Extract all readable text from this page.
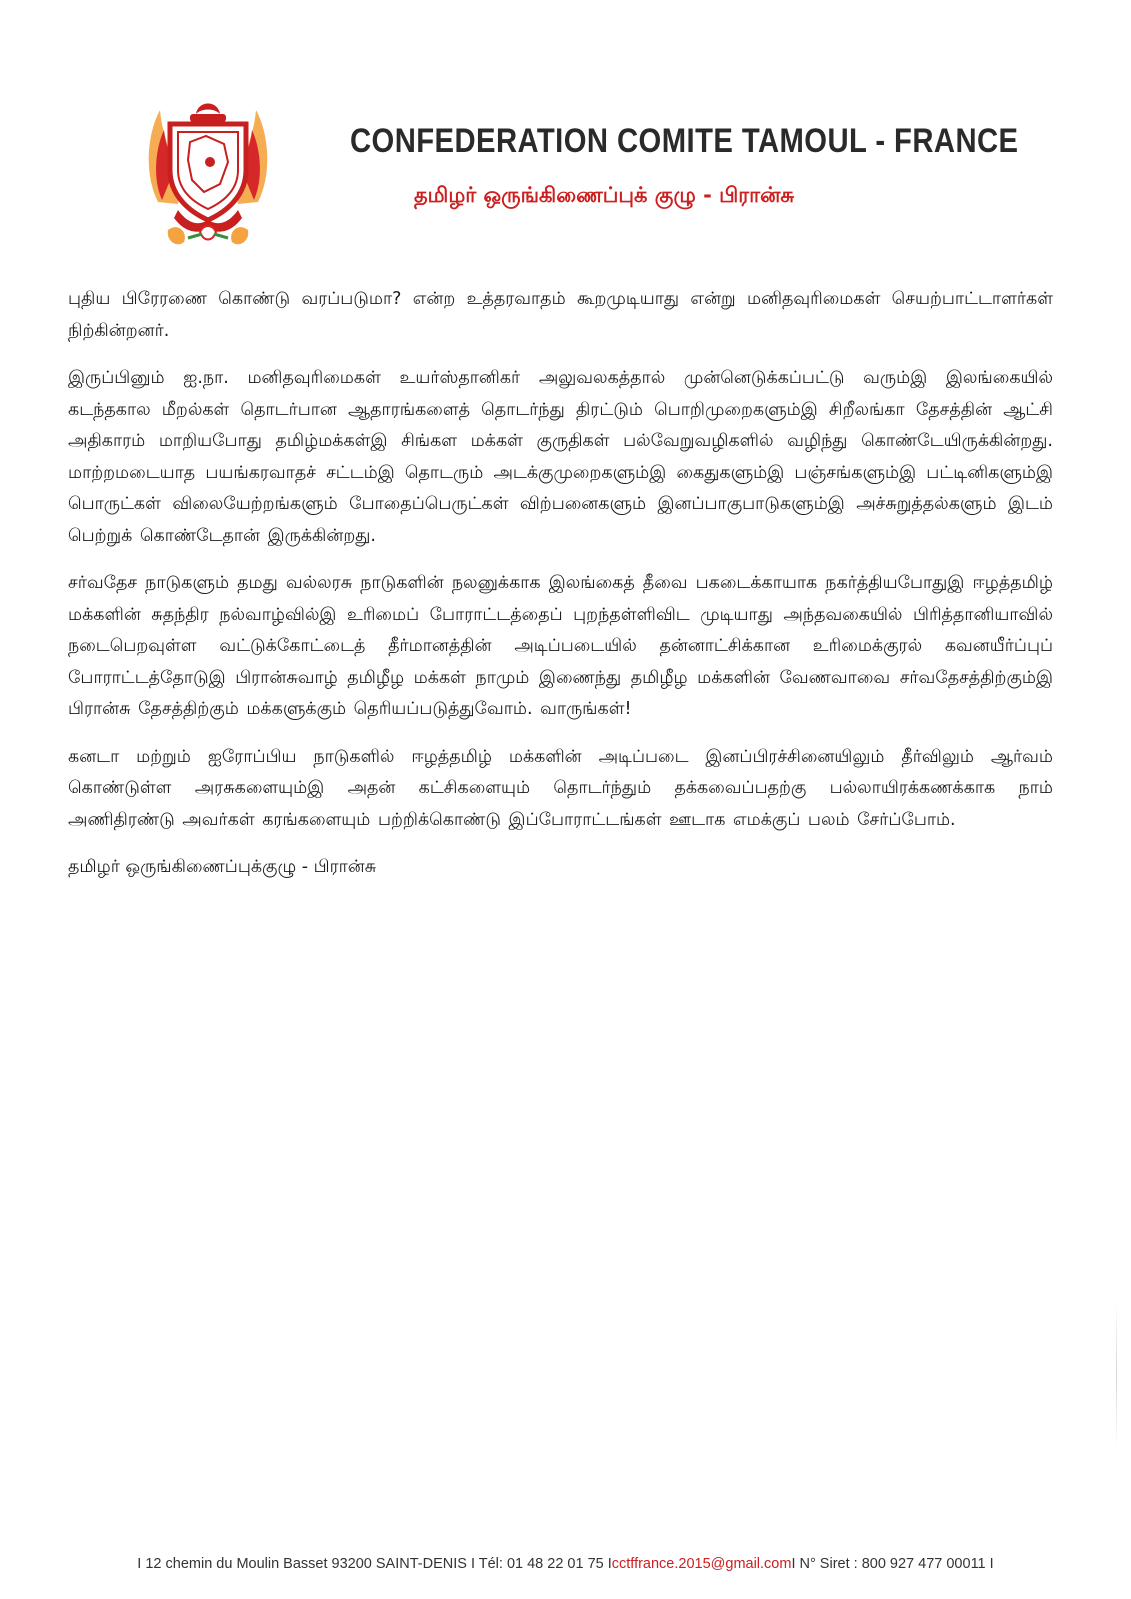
CONFEDERATION COMITE TAMOUL - FRANCE
தமிழர் ஒருங்கிணைப்புக் குழு - பிரான்சு

புதிய பிரேரணை கொண்டு வரப்படுமா? என்ற உத்தரவாதம் கூறமுடியாது என்று மனிதவுரிமைகள் செயற்பாட்டாளர்கள் நிற்கின்றனர்.

இருப்பினும் ஐ.நா. மனிதவுரிமைகள் உயர்ஸ்தானிகர் அலுவலகத்தால் முன்னெடுக்கப்பட்டு வரும்இ இலங்கையில் கடந்தகால மீறல்கள் தொடர்பான ஆதாரங்களைத் தொடர்ந்து திரட்டும் பொறிமுறைகளும்இ சிறீலங்கா தேசத்தின் ஆட்சி அதிகாரம் மாறியபோது தமிழ்மக்கள்இ சிங்கள மக்கள் குருதிகள் பல்வேறுவழிகளில் வழிந்து கொண்டேயிருக்கின்றது. மாற்றமடையாத பயங்கரவாதச் சட்டம்இ தொடரும் அடக்குமுறைகளும்இ கைதுகளும்இ பஞ்சங்களும்இ பட்டினிகளும்இ பொருட்கள் விலையேற்றங்களும் போதைப்பெருட்கள் விற்பனைகளும் இனப்பாகுபாடுகளும்இ அச்சுறுத்தல்களும் இடம் பெற்றுக் கொண்டேதான் இருக்கின்றது.

சர்வதேச நாடுகளும் தமது வல்லரசு நாடுகளின் நலனுக்காக இலங்கைத் தீவை பகடைக்காயாக நகர்த்தியபோதுஇ ஈழத்தமிழ் மக்களின் சுதந்திர நல்வாழ்வில்இ உரிமைப் போராட்டத்தைப் புறந்தள்ளிவிட முடியாது அந்தவகையில் பிரித்தானியாவில் நடைபெறவுள்ள வட்டுக்கோட்டைத் தீர்மானத்தின் அடிப்படையில் தன்னாட்சிக்கான உரிமைக்குரல் கவனயீர்ப்புப் போராட்டத்தோடுஇ பிரான்சுவாழ் தமிழீழ மக்கள் நாமும் இணைந்து தமிழீழ மக்களின் வேணவாவை சர்வதேசத்திற்கும்இ பிரான்சு தேசத்திற்கும் மக்களுக்கும் தெரியப்படுத்துவோம். வாருங்கள்!

கனடா மற்றும் ஐரோப்பிய நாடுகளில் ஈழத்தமிழ் மக்களின் அடிப்படை இனப்பிரச்சினையிலும் தீர்விலும் ஆர்வம் கொண்டுள்ள அரசுகளையும்இ அதன் கட்சிகளையும் தொடர்ந்தும் தக்கவைப்பதற்கு பல்லாயிரக்கணக்காக நாம் அணிதிரண்டு அவர்கள் கரங்களையும் பற்றிக்கொண்டு இப்போராட்டங்கள் ஊடாக எமக்குப் பலம் சேர்ப்போம்.

தமிழர் ஒருங்கிணைப்புக்குழு - பிரான்சு
I 12 chemin du Moulin Basset 93200 SAINT-DENIS I Tél: 01 48 22 01 75 Icctffrance.2015@gmail.comI N° Siret : 800 927 477 00011 I
